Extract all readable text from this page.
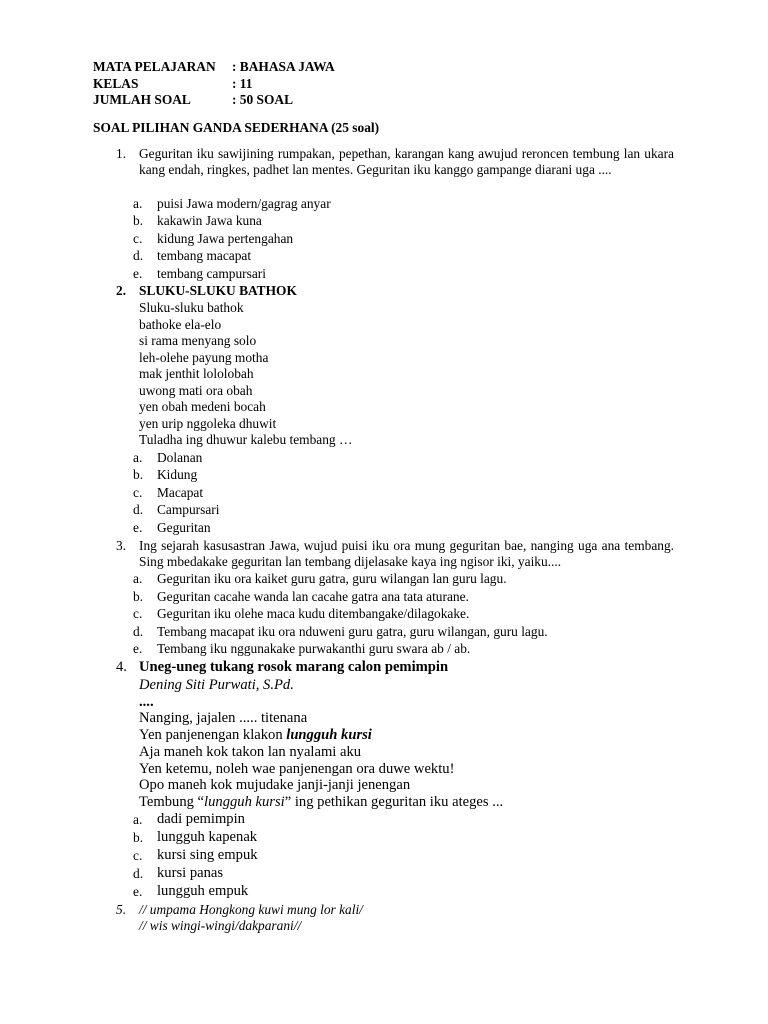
MATA PELAJARAN	: BAHASA JAWA
KELAS	: 11
JUMLAH SOAL	: 50 SOAL
SOAL PILIHAN GANDA SEDERHANA (25 soal)
1. Geguritan iku sawijining rumpakan, pepethan, karangan kang awujud reroncen tembung lan ukara kang endah, ringkes, padhet lan mentes. Geguritan iku kanggo gampange diarani uga ....
a. puisi Jawa modern/gagrag anyar
b. kakawin Jawa kuna
c. kidung Jawa pertengahan
d. tembang macapat
e. tembang campursari
2. SLUKU-SLUKU BATHOK
Sluku-sluku bathok
bathoke ela-elo
si rama menyang solo
leh-olehe payung motha
mak jenthit lololobah
uwong mati ora obah
yen obah medeni bocah
yen urip nggoleka dhuwit
Tuladha ing dhuwur kalebu tembang …
a. Dolanan
b. Kidung
c. Macapat
d. Campursari
e. Geguritan
3. Ing sejarah kasusastran Jawa, wujud puisi iku ora mung geguritan bae, nanging uga ana tembang. Sing mbedakake geguritan lan tembang dijelasake kaya ing ngisor iki, yaiku....
a. Geguritan iku ora kaiket guru gatra, guru wilangan lan guru lagu.
b. Geguritan cacahe wanda lan cacahe gatra ana tata aturane.
c. Geguritan iku olehe maca kudu ditembangake/dilagokake.
d. Tembang macapat iku ora nduweni guru gatra, guru wilangan, guru lagu.
e. Tembang iku nggunakake purwakanthi guru swara ab / ab.
4. Uneg-uneg tukang rosok marang calon pemimpin
Dening Siti Purwati, S.Pd.
....
Nanging, jajalen ..... titenana
Yen panjenengan klakon lungguh kursi
Aja maneh kok takon lan nyalami aku
Yen ketemu, noleh wae panjenengan ora duwe wektu!
Opo maneh kok mujudake janji-janji jenengan
Tembung “lungguh kursi” ing pethikan geguritan iku ateges ...
a. dadi pemimpin
b. lungguh kapenak
c. kursi sing empuk
d. kursi panas
e. lungguh empuk
5. // umpama Hongkong kuwi mung lor kali/
// wis wingi-wingi/dakparani//
